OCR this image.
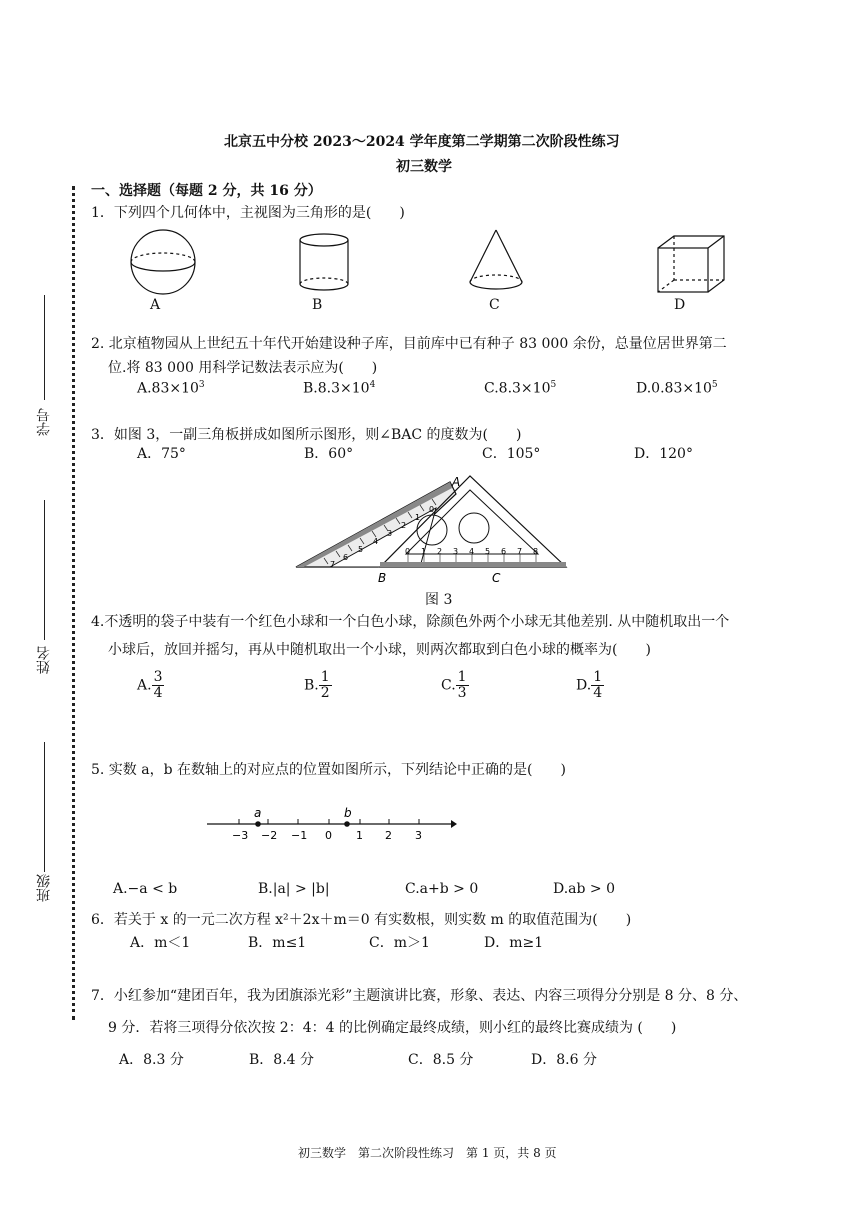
北京五中分校 2023～2024 学年度第二学期第二次阶段性练习
初三数学
学号
姓名
班级
一、选择题（每题 2 分，共 16 分）
1．下列四个几何体中，主视图为三角形的是(　　)
A	B	C	D
2. 北京植物园从上世纪五十年代开始建设种子库，目前库中已有种子 83 000 余份，总量位居世界第二
位.将 83 000 用科学记数法表示应为(　　)
$A.83\times 10^3$	$B.8.3\times 10^4$	$C.8.3\times 10^5$	$D.0.83\times 10^5$
3．如图 3，一副三角板拼成如图所示图形，则∠BAC 的度数为(　　)
A．75°	B．60°	C．105°	D．120°
7
6
5
4
3
2
1
0
0 1 2 3 4 5 6 7 8
A
B	C
图 3
4.不透明的袋子中装有一个红色小球和一个白色小球，除颜色外两个小球无其他差别. 从中随机取出一个
小球后，放回并摇匀，再从中随机取出一个小球，则两次都取到白色小球的概率为(　　)
A. $\frac{3}{4}$	B. $\frac{1}{2}$	C. $\frac{1}{3}$	D. $\frac{1}{4}$
5. 实数 a，b 在数轴上的对应点的位置如图所示，下列结论中正确的是(　　)
−3 −2 −1 0 1 2 3
a	b
A.−a < b	B.|a| > |b|	C.a+b > 0	D.ab > 0
6．若关于 x 的一元二次方程 x²＋2x＋m＝0 有实数根，则实数 m 的取值范围为(　　)
A．m＜1	B．m≤1	C．m＞1	D．m≥1
7．小红参加“建团百年，我为团旗添光彩”主题演讲比赛，形象、表达、内容三项得分分别是 8 分、8 分、
9 分．若将三项得分依次按 2：4：4 的比例确定最终成绩，则小红的最终比赛成绩为 (　　)
A．8.3 分	B．8.4 分	C．8.5 分	D．8.6 分
初三数学　第二次阶段性练习　第 1 页，共 8 页
